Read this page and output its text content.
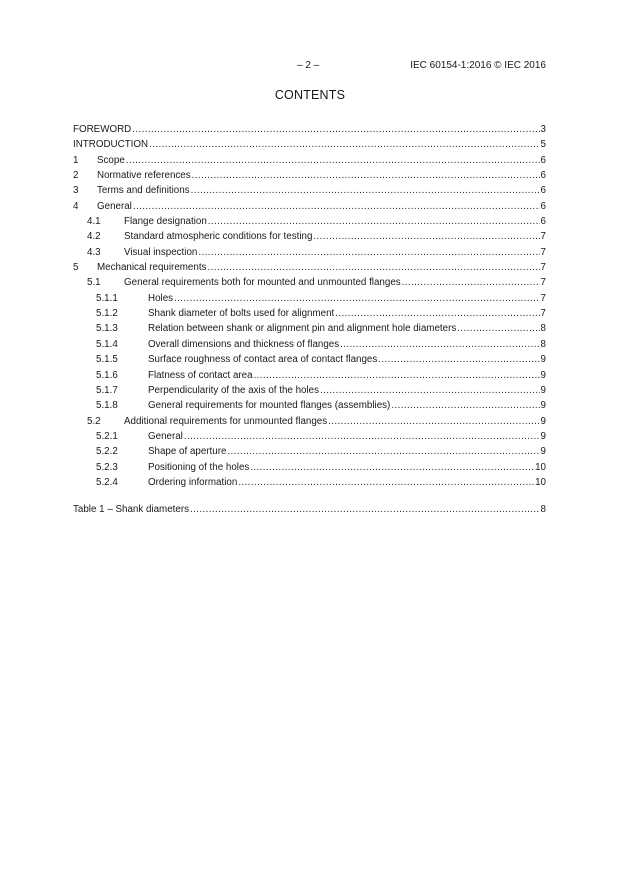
– 2 –	IEC 60154-1:2016 © IEC 2016
CONTENTS
FOREWORD .....	3
INTRODUCTION .....	5
1	Scope .....	6
2	Normative references .....	6
3	Terms and definitions .....	6
4	General .....	6
4.1	Flange designation .....	6
4.2	Standard atmospheric conditions for testing .....	7
4.3	Visual inspection .....	7
5	Mechanical requirements .....	7
5.1	General requirements both for mounted and unmounted flanges .....	7
5.1.1	Holes .....	7
5.1.2	Shank diameter of bolts used for alignment .....	7
5.1.3	Relation between shank or alignment pin and alignment hole diameters .....	8
5.1.4	Overall dimensions and thickness of flanges .....	8
5.1.5	Surface roughness of contact area of contact flanges .....	9
5.1.6	Flatness of contact area .....	9
5.1.7	Perpendicularity of the axis of the holes .....	9
5.1.8	General requirements for mounted flanges (assemblies) .....	9
5.2	Additional requirements for unmounted flanges .....	9
5.2.1	General .....	9
5.2.2	Shape of aperture .....	9
5.2.3	Positioning of the holes .....	10
5.2.4	Ordering information .....	10
Table 1 – Shank diameters .....	8
